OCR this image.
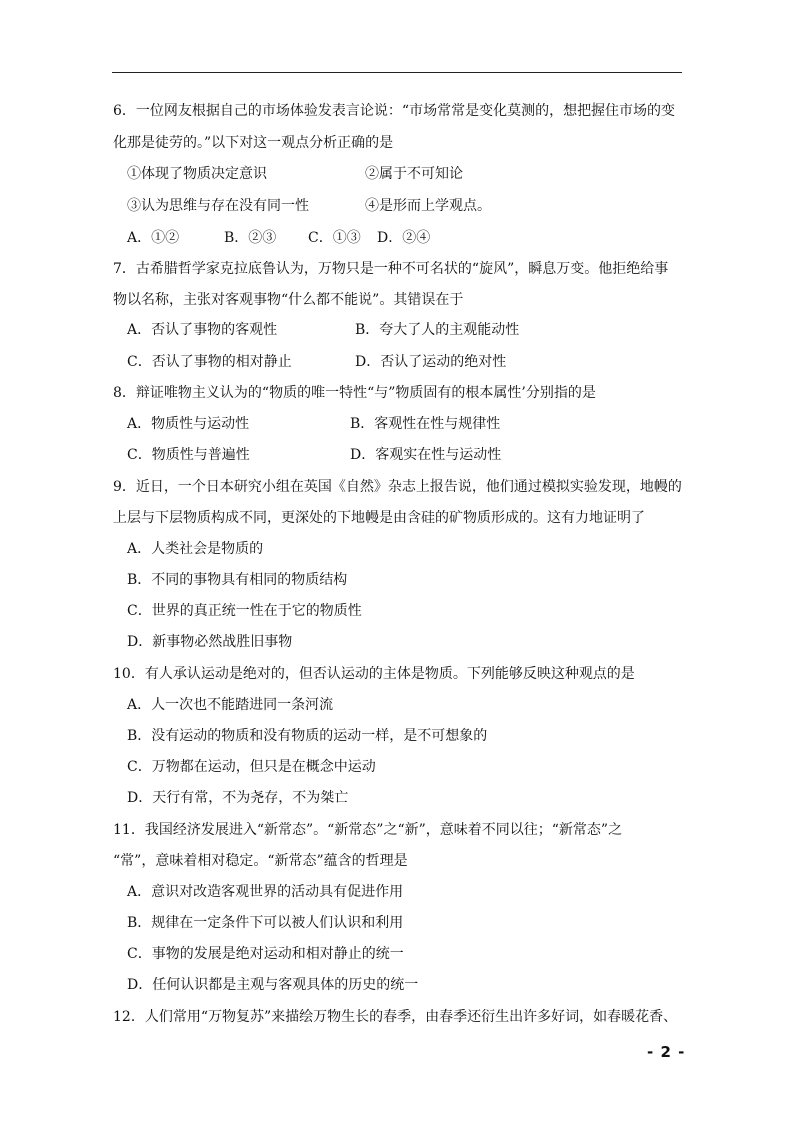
6．一位网友根据自己的市场体验发表言论说：“市场常常是变化莫测的，想把握住市场的变
化那是徒劳的。”以下对这一观点分析正确的是
①体现了物质决定意识	②属于不可知论
③认为思维与存在没有同一性	④是形而上学观点。
A．①②	B．②③ C．①③ D．②④
7．古希腊哲学家克拉底鲁认为，万物只是一种不可名状的“旋风”，瞬息万变。他拒绝给事
物以名称，主张对客观事物“什么都不能说”。其错误在于
A．否认了事物的客观性	B．夸大了人的主观能动性
C．否认了事物的相对静止	D．否认了运动的绝对性
8．辩证唯物主义认为的“物质的唯一特性“与”物质固有的根本属性’分别指的是
A．物质性与运动性	B．客观性在性与规律性
C．物质性与普遍性	D．客观实在性与运动性
9．近日，一个日本研究小组在英国《自然》杂志上报告说，他们通过模拟实验发现，地幔的
上层与下层物质构成不同，更深处的下地幔是由含硅的矿物质形成的。这有力地证明了
A．人类社会是物质的
B．不同的事物具有相同的物质结构
C．世界的真正统一性在于它的物质性
D．新事物必然战胜旧事物
10．有人承认运动是绝对的，但否认运动的主体是物质。下列能够反映这种观点的是
A．人一次也不能踏进同一条河流
B．没有运动的物质和没有物质的运动一样，是不可想象的
C．万物都在运动，但只是在概念中运动
D．天行有常，不为尧存，不为桀亡
11．我国经济发展进入“新常态”。“新常态”之“新”，意味着不同以往；“新常态”之
“常”，意味着相对稳定。“新常态”蕴含的哲理是
A．意识对改造客观世界的活动具有促进作用
B．规律在一定条件下可以被人们认识和利用
C．事物的发展是绝对运动和相对静止的统一
D．任何认识都是主观与客观具体的历史的统一
12．人们常用“万物复苏”来描绘万物生长的春季，由春季还衍生出许多好词，如春暖花香、
- 2 -
